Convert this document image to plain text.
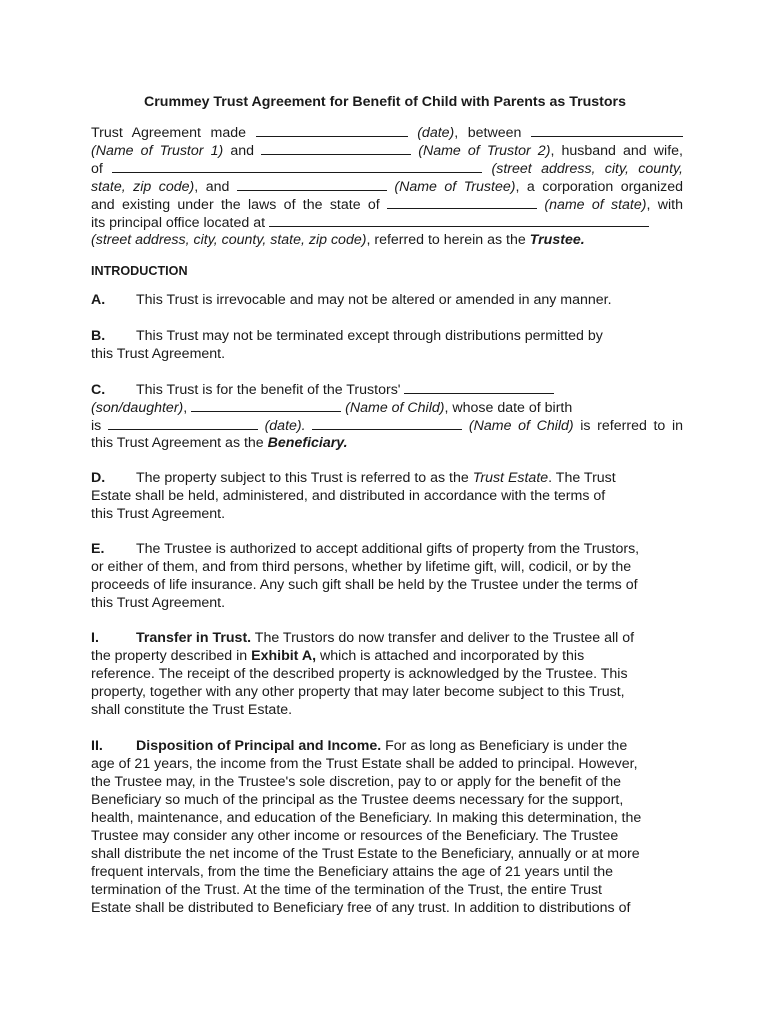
Crummey Trust Agreement for Benefit of Child with Parents as Trustors
Trust Agreement made	(date), between
(Name of Trustor 1) and	(Name of Trustor 2), husband and wife,
of	(street address, city, county,
state, zip code), and	(Name of Trustee), a corporation organized
and existing under the laws of the state of	(name of state), with
its principal office located at
(street address, city, county, state, zip code), referred to herein as the Trustee.
INTRODUCTION
A. This Trust is irrevocable and may not be altered or amended in any manner.
B. This Trust may not be terminated except through distributions permitted by
this Trust Agreement.
C. This Trust is for the benefit of the Trustors'
(son/daughter),	(Name of Child), whose date of birth
is	(date).	(Name of Child) is referred to in
this Trust Agreement as the Beneficiary.
D. The property subject to this Trust is referred to as the Trust Estate. The Trust
Estate shall be held, administered, and distributed in accordance with the terms of
this Trust Agreement.
E. The Trustee is authorized to accept additional gifts of property from the Trustors,
or either of them, and from third persons, whether by lifetime gift, will, codicil, or by the
proceeds of life insurance. Any such gift shall be held by the Trustee under the terms of
this Trust Agreement.
I.	Transfer in Trust. The Trustors do now transfer and deliver to the Trustee all of
the property described in Exhibit A, which is attached and incorporated by this
reference. The receipt of the described property is acknowledged by the Trustee. This
property, together with any other property that may later become subject to this Trust,
shall constitute the Trust Estate.
II. Disposition of Principal and Income. For as long as Beneficiary is under the
age of 21 years, the income from the Trust Estate shall be added to principal. However,
the Trustee may, in the Trustee's sole discretion, pay to or apply for the benefit of the
Beneficiary so much of the principal as the Trustee deems necessary for the support,
health, maintenance, and education of the Beneficiary. In making this determination, the
Trustee may consider any other income or resources of the Beneficiary. The Trustee
shall distribute the net income of the Trust Estate to the Beneficiary, annually or at more
frequent intervals, from the time the Beneficiary attains the age of 21 years until the
termination of the Trust. At the time of the termination of the Trust, the entire Trust
Estate shall be distributed to Beneficiary free of any trust. In addition to distributions of
